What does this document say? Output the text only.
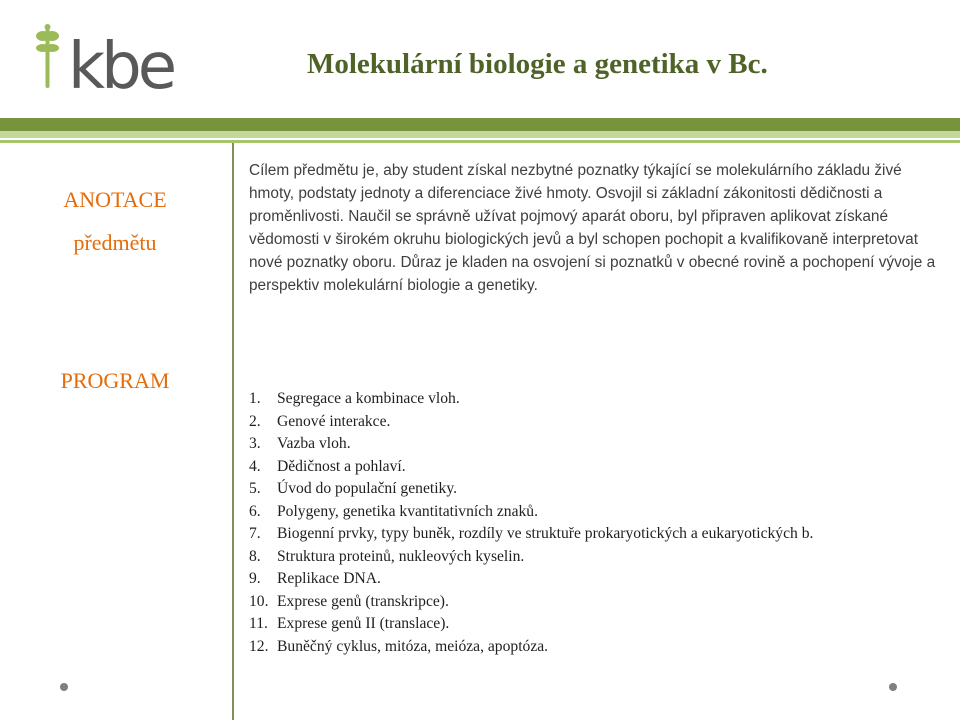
kbe	Molekulární biologie a genetika v Bc.
ANOTACE
předmětu

Cílem předmětu je, aby student získal nezbytné poznatky týkající se molekulárního základu živé hmoty, podstaty jednoty a diferenciace živé hmoty. Osvojil si základní zákonitosti dědičnosti a proměnlivosti. Naučil se správně užívat pojmový aparát oboru, byl připraven aplikovat získané vědomosti v širokém okruhu biologických jevů a byl schopen pochopit a kvalifikovaně interpretovat nové poznatky oboru. Důraz je kladen na osvojení si poznatků v obecné rovině a pochopení vývoje a perspektiv molekulární biologie a genetiky.

PROGRAM
1. Segregace a kombinace vloh.
2. Genové interakce.
3. Vazba vloh.
4. Dědičnost a pohlaví.
5. Úvod do populační genetiky.
6. Polygeny, genetika kvantitativních znaků.
7. Biogenní prvky, typy buněk, rozdíly ve struktuře prokaryotických a eukaryotických b.
8. Struktura proteinů, nukleových kyselin.
9. Replikace DNA.
10. Exprese genů (transkripce).
11. Exprese genů II (translace).
12. Buněčný cyklus, mitóza, meióza, apoptóza.
